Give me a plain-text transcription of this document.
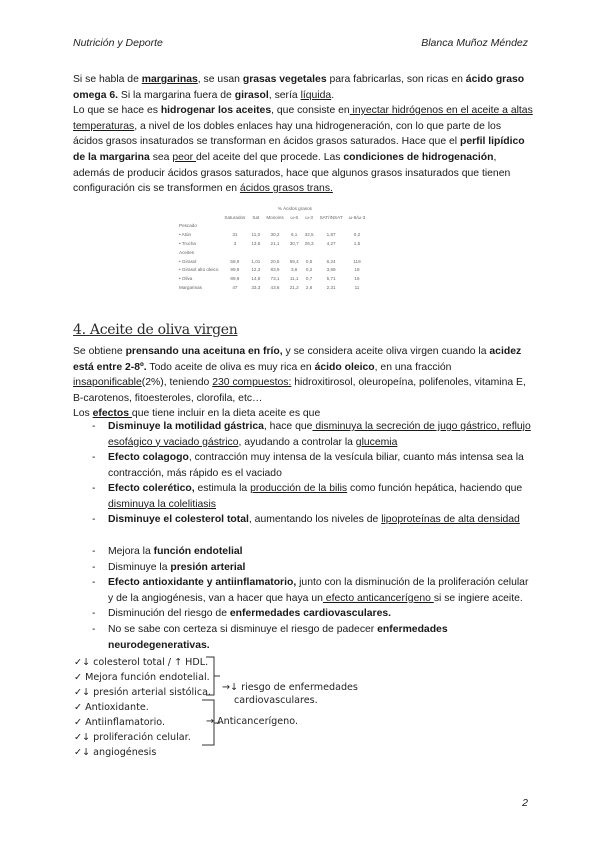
Nutrición y Deporte	Blanca Muñoz Méndez
Si se habla de margarinas, se usan grasas vegetales para fabricarlas, son ricas en ácido graso omega 6. Si la margarina fuera de girasol, sería líquida.
Lo que se hace es hidrogenar los aceites, que consiste en inyectar hidrógenos en el aceite a altas temperaturas, a nivel de los dobles enlaces hay una hidrogeneración, con lo que parte de los ácidos grasos insaturados se transforman en ácidos grasos saturados. Hace que el perfil lipídico de la margarina sea peor del aceite del que procede. Las condiciones de hidrogenación, además de producir ácidos grasos saturados, hace que algunos grasos insaturados que tienen configuración cis se transformen en ácidos grasos trans.
	% Ácidos grasos						
	Saturados	Sat	Monoins	ω-6	ω-3	SAT/INSAT	ω-6/ω-3
Pescado							
• Atún	31	11,0	30,2	6,1	32,5	1,87	0,2
• Trucha	3	13,6	21,1	30,7	26,3	4,27	1,5
Aceites							
• Girasol	58,9	1,01	20,5	59,4	0,5	6,24	119
• Girasol alto oleico	99,9	12,3	83,9	3,6	0,2	3,69	18
• Oliva	89,9	14,8	73,1	11,1	0,7	5,71	16
Margarinas	47	33,3	43,6	21,2	2,6	2,31	11
4. Aceite de oliva virgen
Se obtiene prensando una aceituna en frío, y se considera aceite oliva virgen cuando la acidez está entre 2-8º. Todo aceite de oliva es muy rica en ácido oleico, en una fracción insaponificable(2%), teniendo 230 compuestos: hidroxitirosol, oleuropeína, polifenoles, vitamina E, B-carotenos, fitoesteroles, clorofila, etc…
Los efectos que tiene incluir en la dieta aceite es que
- Disminuye la motilidad gástrica, hace que disminuya la secreción de jugo gástrico, reflujo esofágico y vaciado gástrico, ayudando a controlar la glucemia
- Efecto colagogo, contracción muy intensa de la vesícula biliar, cuanto más intensa sea la contracción, más rápido es el vaciado
- Efecto colerético, estimula la producción de la bilis como función hepática, haciendo que disminuya la colelitiasis
- Disminuye el colesterol total, aumentando los niveles de lipoproteínas de alta densidad
- Mejora la función endotelial
- Disminuye la presión arterial
- Efecto antioxidante y antiinflamatorio, junto con la disminución de la proliferación celular y de la angiogénesis, van a hacer que haya un efecto anticancerígeno si se ingiere aceite.
- Disminución del riesgo de enfermedades cardiovasculares.
- No se sabe con certeza si disminuye el riesgo de padecer enfermedades neurodegenerativas.
✓↓ colesterol total / ↑ HDL.
✓ Mejora función endotelial.
✓↓ presión arterial sistólica.
✓ Antioxidante.
✓ Antiinflamatorio.
✓↓ proliferación celular.
✓↓ angiogénesis
→↓ riesgo de enfermedades
cardiovasculares.
→ Anticancerígeno.
2
